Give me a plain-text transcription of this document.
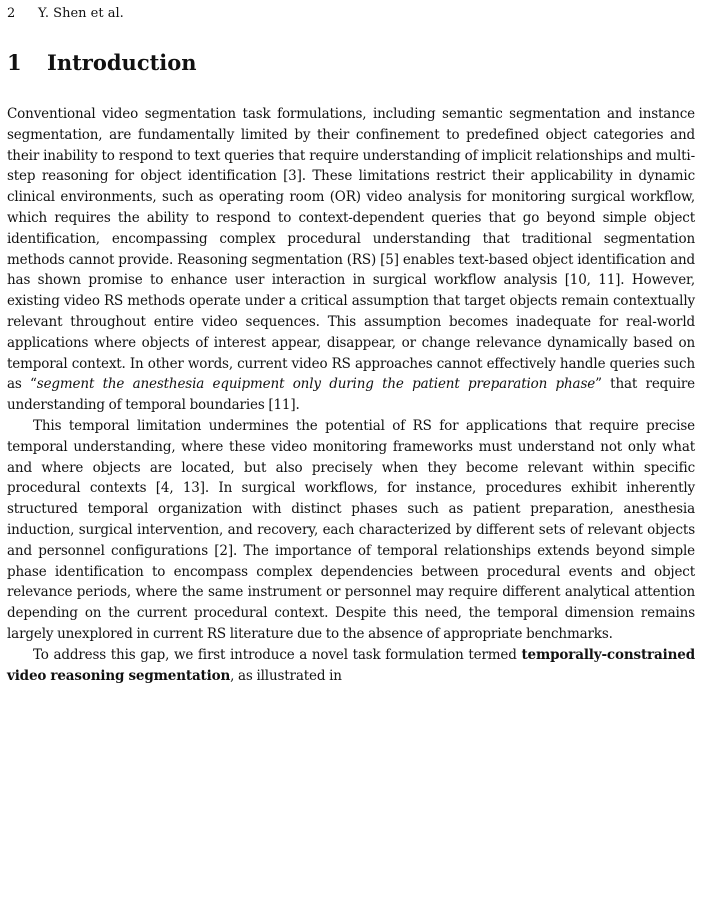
2	Y. Shen et al.
1	Introduction

Conventional video segmentation task formulations, including semantic segmentation and instance segmentation, are fundamentally limited by their confinement to predefined object categories and their inability to respond to text queries that require understanding of implicit relationships and multi-step reasoning for object identification [3]. These limitations restrict their applicability in dynamic clinical environments, such as operating room (OR) video analysis for monitoring surgical workflow, which requires the ability to respond to context-dependent queries that go beyond simple object identification, encompassing complex procedural understanding that traditional segmentation methods cannot provide. Reasoning segmentation (RS) [5] enables text-based object identification and has shown promise to enhance user interaction in surgical workflow analysis [10, 11]. However, existing video RS methods operate under a critical assumption that target objects remain contextually relevant throughout entire video sequences. This assumption becomes inadequate for real-world applications where objects of interest appear, disappear, or change relevance dynamically based on temporal context. In other words, current video RS approaches cannot effectively handle queries such as “segment the anesthesia equipment only during the patient preparation phase” that require understanding of temporal boundaries [11].

This temporal limitation undermines the potential of RS for applications that require precise temporal understanding, where these video monitoring frameworks must understand not only what and where objects are located, but also precisely when they become relevant within specific procedural contexts [4, 13]. In surgical workflows, for instance, procedures exhibit inherently structured temporal organization with distinct phases such as patient preparation, anesthesia induction, surgical intervention, and recovery, each characterized by different sets of relevant objects and personnel configurations [2]. The importance of temporal relationships extends beyond simple phase identification to encompass complex dependencies between procedural events and object relevance periods, where the same instrument or personnel may require different analytical attention depending on the current procedural context. Despite this need, the temporal dimension remains largely unexplored in current RS literature due to the absence of appropriate benchmarks.

To address this gap, we first introduce a novel task formulation termed temporally-constrained video reasoning segmentation, as illustrated in
